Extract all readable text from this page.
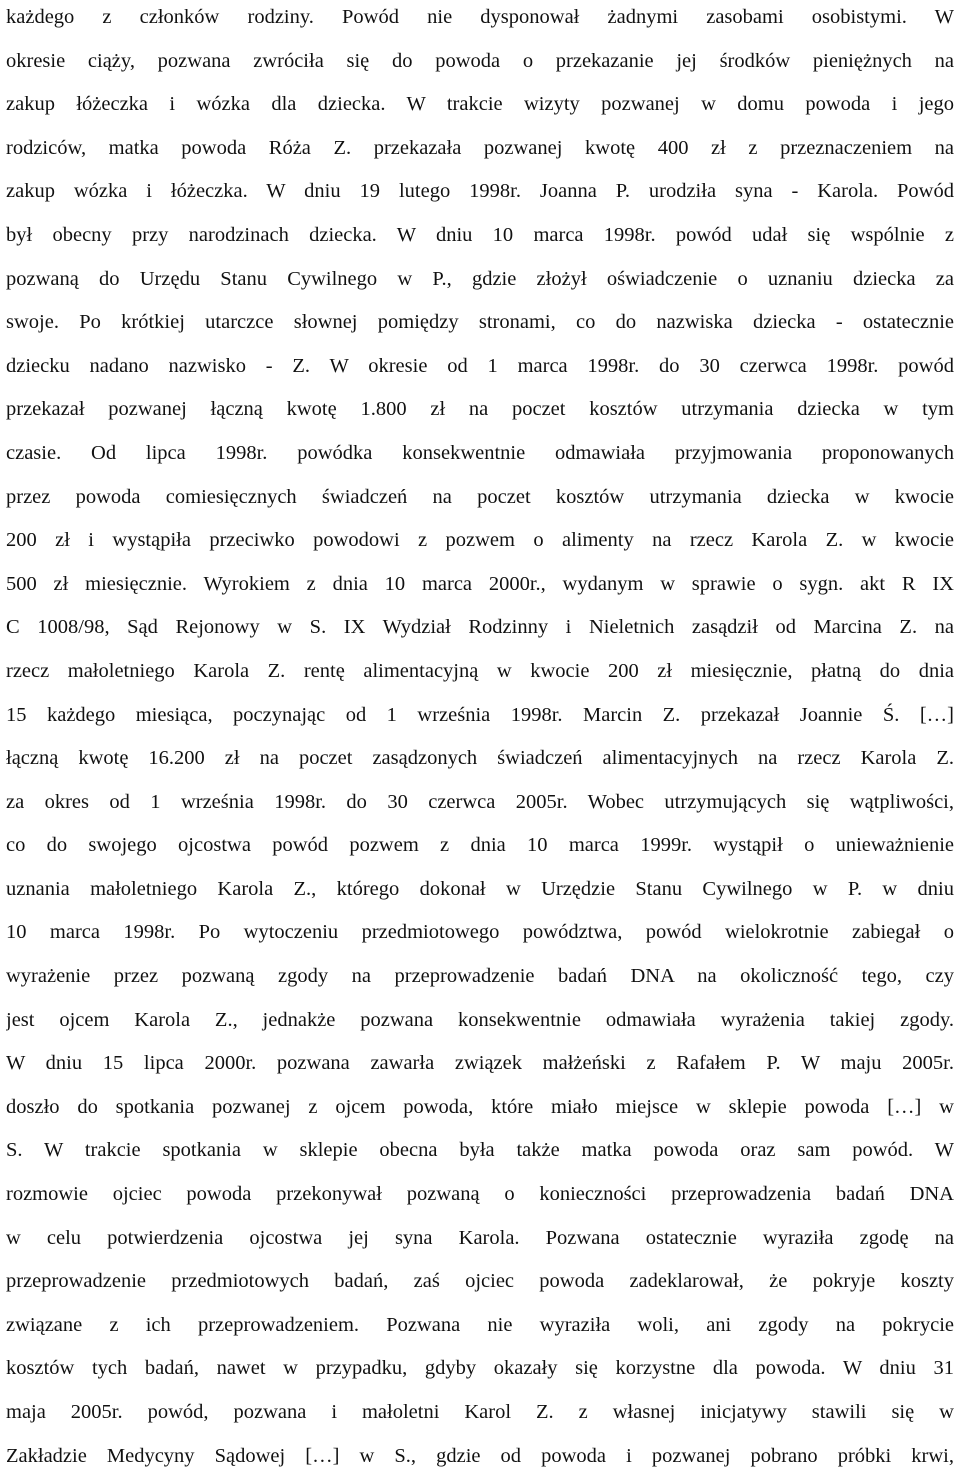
każdego z członków rodziny. Powód nie dysponował żadnymi zasobami osobistymi. W
okresie ciąży, pozwana zwróciła się do powoda o przekazanie jej środków pieniężnych na
zakup łóżeczka i wózka dla dziecka. W trakcie wizyty pozwanej w domu powoda i jego
rodziców, matka powoda Róża Z. przekazała pozwanej kwotę 400 zł z przeznaczeniem na
zakup wózka i łóżeczka. W dniu 19 lutego 1998r. Joanna P. urodziła syna - Karola. Powód
był obecny przy narodzinach dziecka. W dniu 10 marca 1998r. powód udał się wspólnie z
pozwaną do Urzędu Stanu Cywilnego w P., gdzie złożył oświadczenie o uznaniu dziecka za
swoje. Po krótkiej utarczce słownej pomiędzy stronami, co do nazwiska dziecka - ostatecznie
dziecku nadano nazwisko - Z. W okresie od 1 marca 1998r. do 30 czerwca 1998r. powód
przekazał pozwanej łączną kwotę 1.800 zł na poczet kosztów utrzymania dziecka w tym
czasie. Od lipca 1998r. powódka konsekwentnie odmawiała przyjmowania proponowanych
przez powoda comiesięcznych świadczeń na poczet kosztów utrzymania dziecka w kwocie
200 zł i wystąpiła przeciwko powodowi z pozwem o alimenty na rzecz Karola Z. w kwocie
500 zł miesięcznie. Wyrokiem z dnia 10 marca 2000r., wydanym w sprawie o sygn. akt R IX
C 1008/98, Sąd Rejonowy w S. IX Wydział Rodzinny i Nieletnich zasądził od Marcina Z. na
rzecz małoletniego Karola Z. rentę alimentacyjną w kwocie 200 zł miesięcznie, płatną do dnia
15 każdego miesiąca, poczynając od 1 września 1998r. Marcin Z. przekazał Joannie Ś. […]
łączną kwotę 16.200 zł na poczet zasądzonych świadczeń alimentacyjnych na rzecz Karola Z.
za okres od 1 września 1998r. do 30 czerwca 2005r. Wobec utrzymujących się wątpliwości,
co do swojego ojcostwa powód pozwem z dnia 10 marca 1999r. wystąpił o unieważnienie
uznania małoletniego Karola Z., którego dokonał w Urzędzie Stanu Cywilnego w P. w dniu
10 marca 1998r. Po wytoczeniu przedmiotowego powództwa, powód wielokrotnie zabiegał o
wyrażenie przez pozwaną zgody na przeprowadzenie badań DNA na okoliczność tego, czy
jest ojcem Karola Z., jednakże pozwana konsekwentnie odmawiała wyrażenia takiej zgody.
W dniu 15 lipca 2000r. pozwana zawarła związek małżeński z Rafałem P. W maju 2005r.
doszło do spotkania pozwanej z ojcem powoda, które miało miejsce w sklepie powoda […] w
S. W trakcie spotkania w sklepie obecna była także matka powoda oraz sam powód. W
rozmowie ojciec powoda przekonywał pozwaną o konieczności przeprowadzenia badań DNA
w celu potwierdzenia ojcostwa jej syna Karola. Pozwana ostatecznie wyraziła zgodę na
przeprowadzenie przedmiotowych badań, zaś ojciec powoda zadeklarował, że pokryje koszty
związane z ich przeprowadzeniem. Pozwana nie wyraziła woli, ani zgody na pokrycie
kosztów tych badań, nawet w przypadku, gdyby okazały się korzystne dla powoda. W dniu 31
maja 2005r. powód, pozwana i małoletni Karol Z. z własnej inicjatywy stawili się w
Zakładzie Medycyny Sądowej […] w S., gdzie od powoda i pozwanej pobrano próbki krwi,
